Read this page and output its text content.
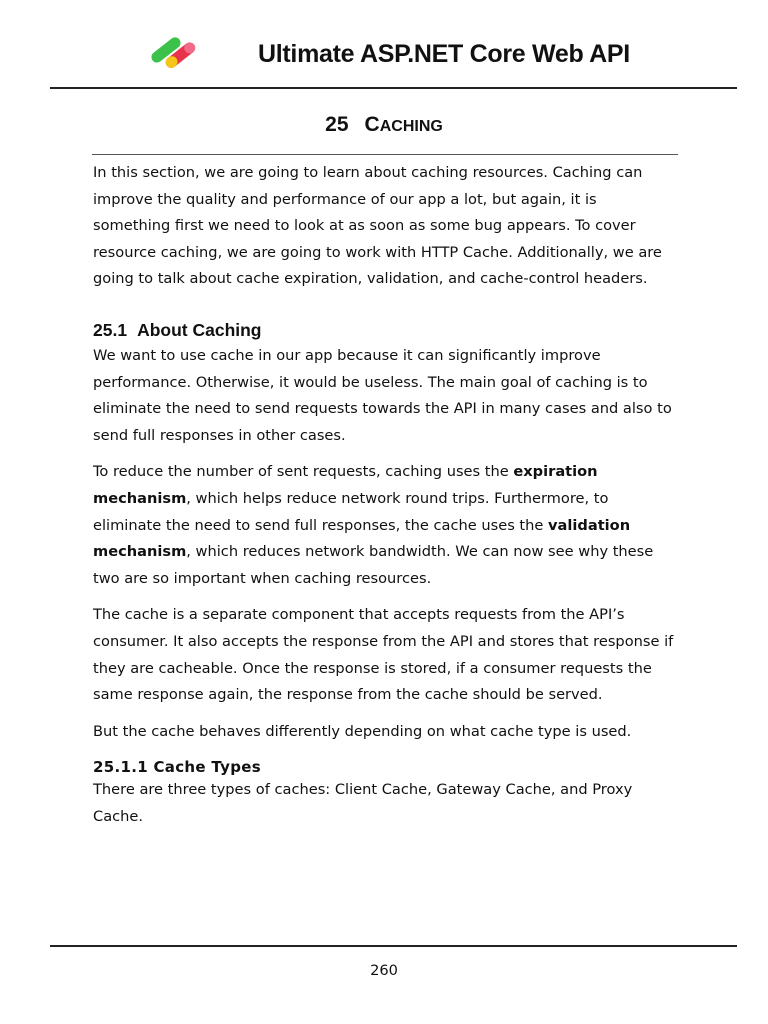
Ultimate ASP.NET Core Web API
25 CACHING

In this section, we are going to learn about caching resources. Caching can improve the quality and performance of our app a lot, but again, it is something first we need to look at as soon as some bug appears. To cover resource caching, we are going to work with HTTP Cache. Additionally, we are going to talk about cache expiration, validation, and cache-control headers.

25.1 About Caching

We want to use cache in our app because it can significantly improve performance. Otherwise, it would be useless. The main goal of caching is to eliminate the need to send requests towards the API in many cases and also to send full responses in other cases.

To reduce the number of sent requests, caching uses the expiration mechanism, which helps reduce network round trips. Furthermore, to eliminate the need to send full responses, the cache uses the validation mechanism, which reduces network bandwidth. We can now see why these two are so important when caching resources.

The cache is a separate component that accepts requests from the API’s consumer. It also accepts the response from the API and stores that response if they are cacheable. Once the response is stored, if a consumer requests the same response again, the response from the cache should be served.

But the cache behaves differently depending on what cache type is used.

25.1.1 Cache Types

There are three types of caches: Client Cache, Gateway Cache, and Proxy Cache.

260
